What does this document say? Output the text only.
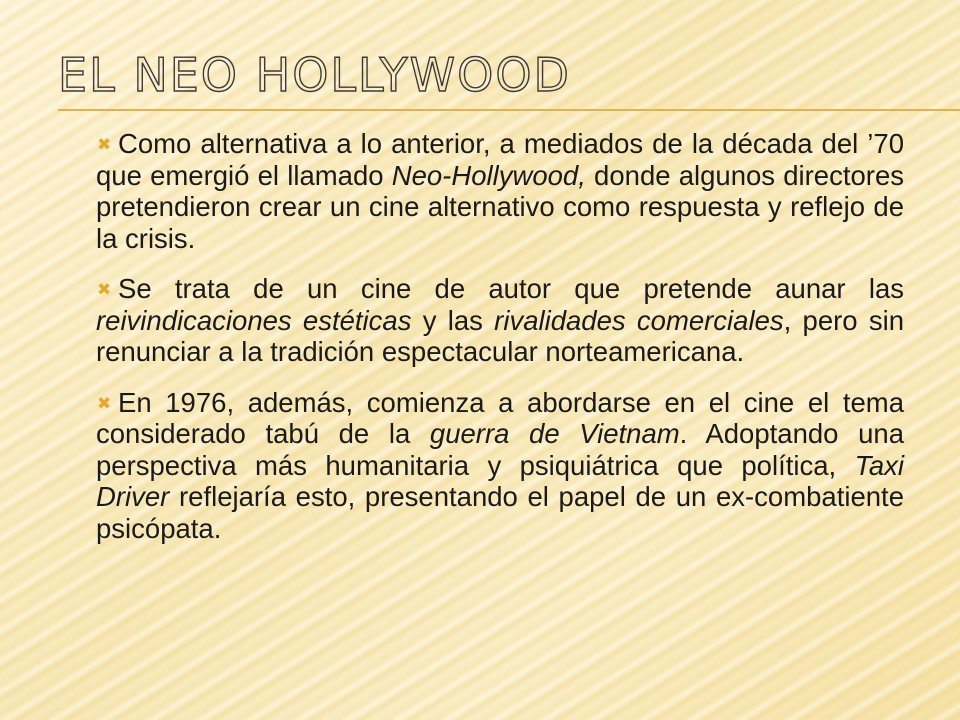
EL NEO HOLLYWOOD

✖ Como alternativa a lo anterior, a mediados de la década del ’70 que emergió el llamado Neo-Hollywood, donde algunos directores pretendieron crear un cine alternativo como respuesta y reflejo de la crisis.

✖ Se trata de un cine de autor que pretende aunar las reivindicaciones estéticas y las rivalidades comerciales, pero sin renunciar a la tradición espectacular norteamericana.

✖ En 1976, además, comienza a abordarse en el cine el tema considerado tabú de la guerra de Vietnam. Adoptando una perspectiva más humanitaria y psiquiátrica que política, Taxi Driver reflejaría esto, presentando el papel de un ex-combatiente psicópata.
